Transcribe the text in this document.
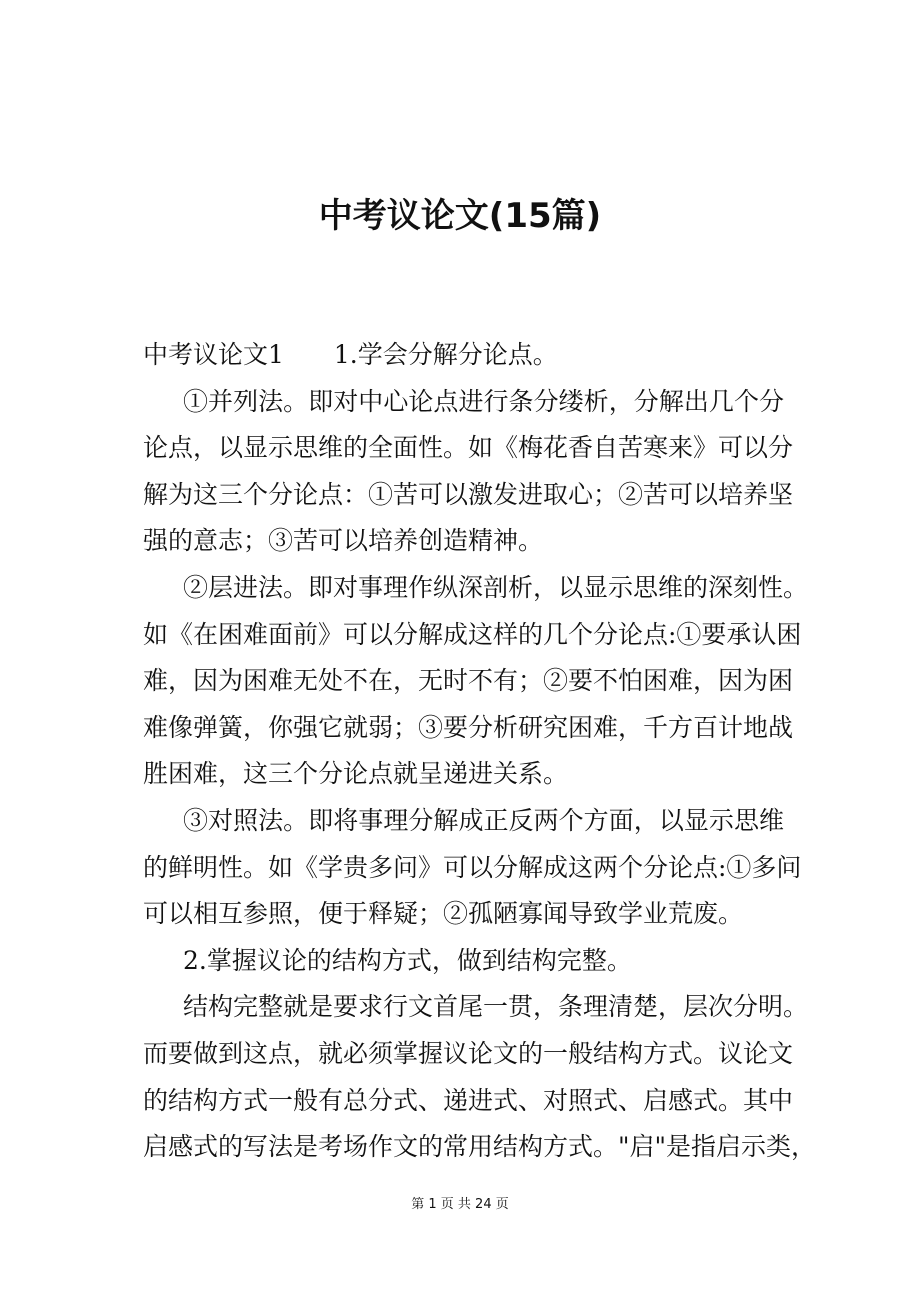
中考议论文(15篇)
中考议论文1　　1.学会分解分论点。
①并列法。即对中心论点进行条分缕析，分解出几个分
论点，以显示思维的全面性。如《梅花香自苦寒来》可以分
解为这三个分论点：①苦可以激发进取心；②苦可以培养坚
强的意志；③苦可以培养创造精神。
②层进法。即对事理作纵深剖析，以显示思维的深刻性。
如《在困难面前》可以分解成这样的几个分论点:①要承认困
难，因为困难无处不在，无时不有；②要不怕困难，因为困
难像弹簧，你强它就弱；③要分析研究困难，千方百计地战
胜困难，这三个分论点就呈递进关系。
③对照法。即将事理分解成正反两个方面，以显示思维
的鲜明性。如《学贵多问》可以分解成这两个分论点:①多问
可以相互参照，便于释疑；②孤陋寡闻导致学业荒废。
2.掌握议论的结构方式，做到结构完整。
结构完整就是要求行文首尾一贯，条理清楚，层次分明。
而要做到这点，就必须掌握议论文的一般结构方式。议论文
的结构方式一般有总分式、递进式、对照式、启感式。其中
启感式的写法是考场作文的常用结构方式。"启"是指启示类，
第 1 页 共 24 页
